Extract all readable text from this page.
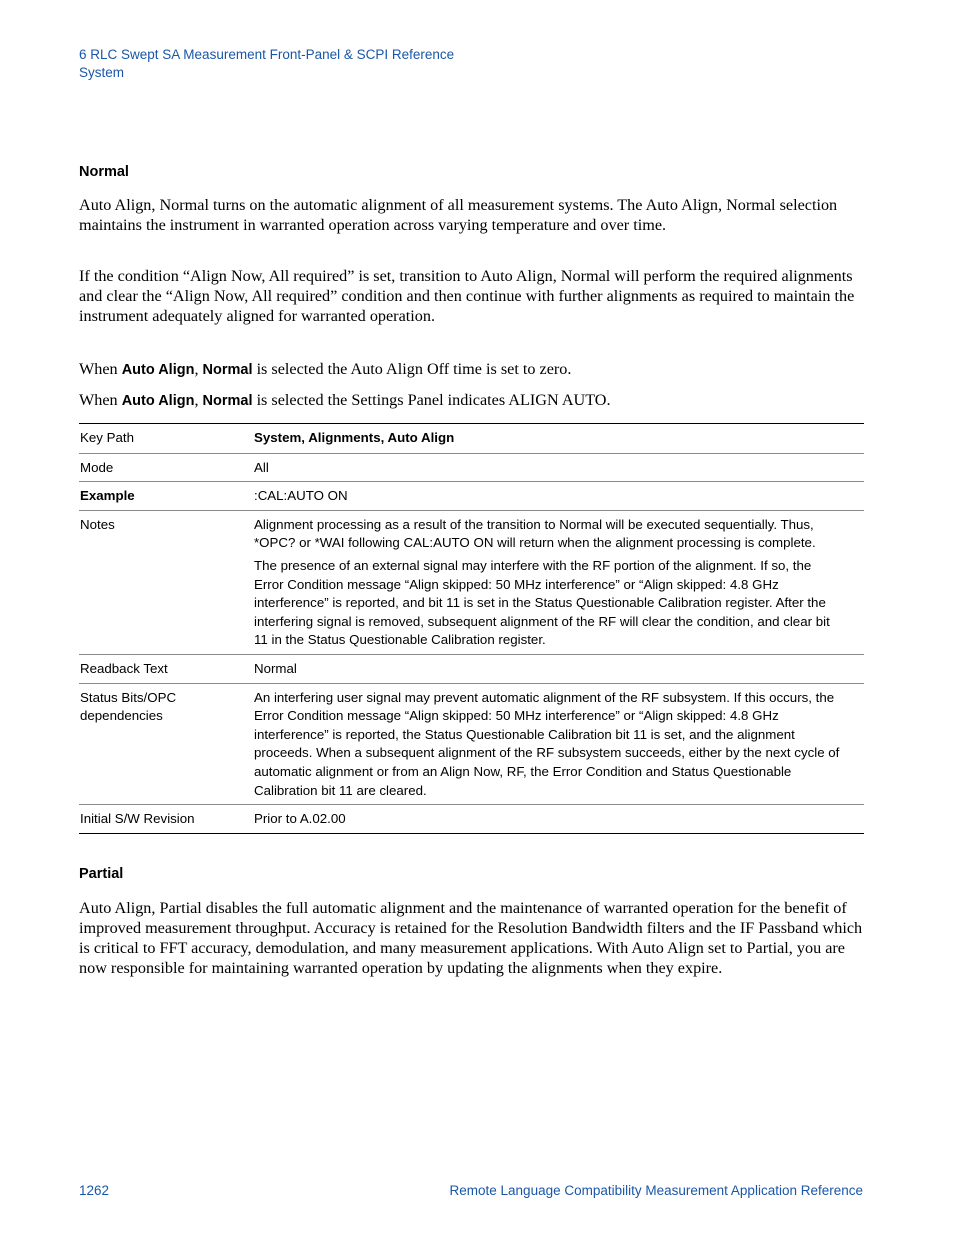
6 RLC Swept SA Measurement Front-Panel & SCPI Reference
System
Normal

Auto Align, Normal turns on the automatic alignment of all measurement systems. The Auto Align, Normal selection maintains the instrument in warranted operation across varying temperature and over time.

If the condition “Align Now, All required” is set, transition to Auto Align, Normal will perform the required alignments and clear the “Align Now, All required” condition and then continue with further alignments as required to maintain the instrument adequately aligned for warranted operation.

When Auto Align, Normal is selected the Auto Align Off time is set to zero.

When Auto Align, Normal is selected the Settings Panel indicates ALIGN AUTO.

Key Path	System, Alignments, Auto Align
Mode	All
Example	:CAL:AUTO ON
Notes	Alignment processing as a result of the transition to Normal will be executed sequentially. Thus, *OPC? or *WAI following CAL:AUTO ON will return when the alignment processing is complete.

The presence of an external signal may interfere with the RF portion of the alignment. If so, the Error Condition message “Align skipped: 50 MHz interference” or “Align skipped: 4.8 GHz interference” is reported, and bit 11 is set in the Status Questionable Calibration register. After the interfering signal is removed, subsequent alignment of the RF will clear the condition, and clear bit 11 in the Status Questionable Calibration register.

Readback Text	Normal

Status Bits/OPC
dependencies	An interfering user signal may prevent automatic alignment of the RF subsystem. If this occurs, the Error Condition message “Align skipped: 50 MHz interference” or “Align skipped: 4.8 GHz interference” is reported, the Status Questionable Calibration bit 11 is set, and the alignment proceeds. When a subsequent alignment of the RF subsystem succeeds, either by the next cycle of automatic alignment or from an Align Now, RF, the Error Condition and Status Questionable Calibration bit 11 are cleared.
Initial S/W Revision	Prior to A.02.00
Partial

Auto Align, Partial disables the full automatic alignment and the maintenance of warranted operation for the benefit of improved measurement throughput. Accuracy is retained for the Resolution Bandwidth filters and the IF Passband which is critical to FFT accuracy, demodulation, and many measurement applications. With Auto Align set to Partial, you are now responsible for maintaining warranted operation by updating the alignments when they expire.

1262	Remote Language Compatibility Measurement Application Reference
